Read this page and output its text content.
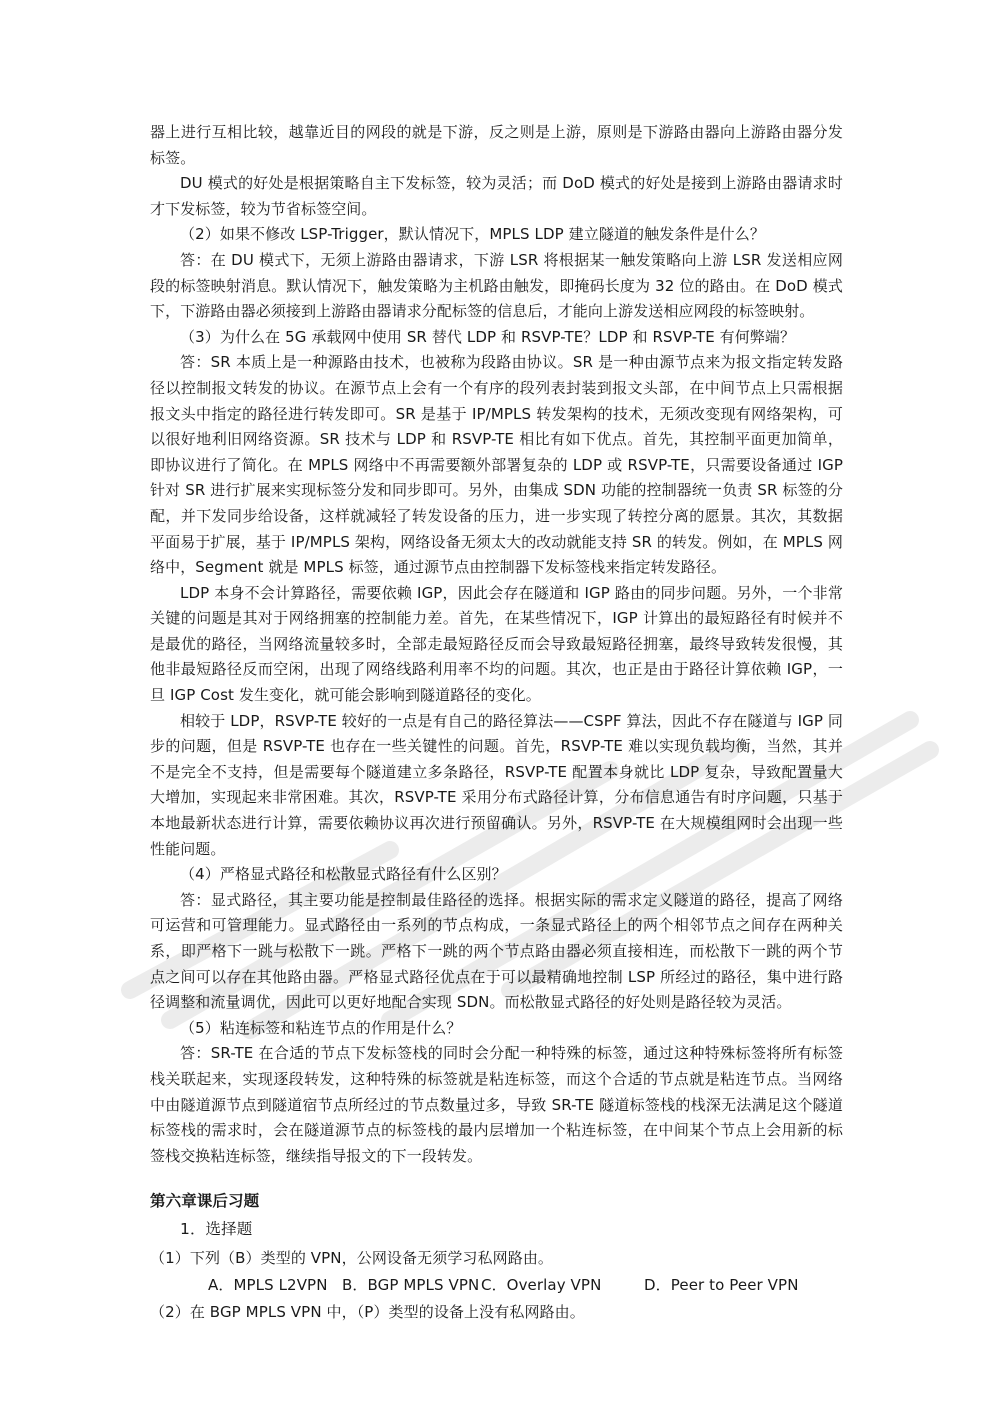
器上进行互相比较，越靠近目的网段的就是下游，反之则是上游，原则是下游路由器向上游路由器分发标签。

DU 模式的好处是根据策略自主下发标签，较为灵活；而 DoD 模式的好处是接到上游路由器请求时才下发标签，较为节省标签空间。

（2）如果不修改 LSP-Trigger，默认情况下，MPLS LDP 建立隧道的触发条件是什么？

答：在 DU 模式下，无须上游路由器请求，下游 LSR 将根据某一触发策略向上游 LSR 发送相应网段的标签映射消息。默认情况下，触发策略为主机路由触发，即掩码长度为 32 位的路由。在 DoD 模式下，下游路由器必须接到上游路由器请求分配标签的信息后，才能向上游发送相应网段的标签映射。

（3）为什么在 5G 承载网中使用 SR 替代 LDP 和 RSVP-TE？LDP 和 RSVP-TE 有何弊端？

答：SR 本质上是一种源路由技术，也被称为段路由协议。SR 是一种由源节点来为报文指定转发路径以控制报文转发的协议。在源节点上会有一个有序的段列表封装到报文头部，在中间节点上只需根据报文头中指定的路径进行转发即可。SR 是基于 IP/MPLS 转发架构的技术，无须改变现有网络架构，可以很好地利旧网络资源。SR 技术与 LDP 和 RSVP-TE 相比有如下优点。首先，其控制平面更加简单，即协议进行了简化。在 MPLS 网络中不再需要额外部署复杂的 LDP 或 RSVP-TE，只需要设备通过 IGP 针对 SR 进行扩展来实现标签分发和同步即可。另外，由集成 SDN 功能的控制器统一负责 SR 标签的分配，并下发同步给设备，这样就减轻了转发设备的压力，进一步实现了转控分离的愿景。其次，其数据平面易于扩展，基于 IP/MPLS 架构，网络设备无须太大的改动就能支持 SR 的转发。例如，在 MPLS 网络中，Segment 就是 MPLS 标签，通过源节点由控制器下发标签栈来指定转发路径。

LDP 本身不会计算路径，需要依赖 IGP，因此会存在隧道和 IGP 路由的同步问题。另外，一个非常关键的问题是其对于网络拥塞的控制能力差。首先，在某些情况下，IGP 计算出的最短路径有时候并不是最优的路径，当网络流量较多时，全部走最短路径反而会导致最短路径拥塞，最终导致转发很慢，其他非最短路径反而空闲，出现了网络线路利用率不均的问题。其次，也正是由于路径计算依赖 IGP，一旦 IGP Cost 发生变化，就可能会影响到隧道路径的变化。

相较于 LDP，RSVP-TE 较好的一点是有自己的路径算法——CSPF 算法，因此不存在隧道与 IGP 同步的问题，但是 RSVP-TE 也存在一些关键性的问题。首先，RSVP-TE 难以实现负载均衡，当然，其并不是完全不支持，但是需要每个隧道建立多条路径，RSVP-TE 配置本身就比 LDP 复杂，导致配置量大大增加，实现起来非常困难。其次，RSVP-TE 采用分布式路径计算，分布信息通告有时序问题，只基于本地最新状态进行计算，需要依赖协议再次进行预留确认。另外，RSVP-TE 在大规模组网时会出现一些性能问题。

（4）严格显式路径和松散显式路径有什么区别？

答：显式路径，其主要功能是控制最佳路径的选择。根据实际的需求定义隧道的路径，提高了网络可运营和可管理能力。显式路径由一系列的节点构成，一条显式路径上的两个相邻节点之间存在两种关系，即严格下一跳与松散下一跳。严格下一跳的两个节点路由器必须直接相连，而松散下一跳的两个节点之间可以存在其他路由器。严格显式路径优点在于可以最精确地控制 LSP 所经过的路径，集中进行路径调整和流量调优，因此可以更好地配合实现 SDN。而松散显式路径的好处则是路径较为灵活。

（5）粘连标签和粘连节点的作用是什么？

答：SR-TE 在合适的节点下发标签栈的同时会分配一种特殊的标签，通过这种特殊标签将所有标签栈关联起来，实现逐段转发，这种特殊的标签就是粘连标签，而这个合适的节点就是粘连节点。当网络中由隧道源节点到隧道宿节点所经过的节点数量过多，导致 SR-TE 隧道标签栈的栈深无法满足这个隧道标签栈的需求时，会在隧道源节点的标签栈的最内层增加一个粘连标签，在中间某个节点上会用新的标签栈交换粘连标签，继续指导报文的下一段转发。

第六章课后习题

1．选择题

（1）下列（B）类型的 VPN，公网设备无须学习私网路由。

A．MPLS L2VPN B．BGP MPLS VPN C．Overlay VPN	D．Peer to Peer VPN

（2）在 BGP MPLS VPN 中，（P）类型的设备上没有私网路由。
